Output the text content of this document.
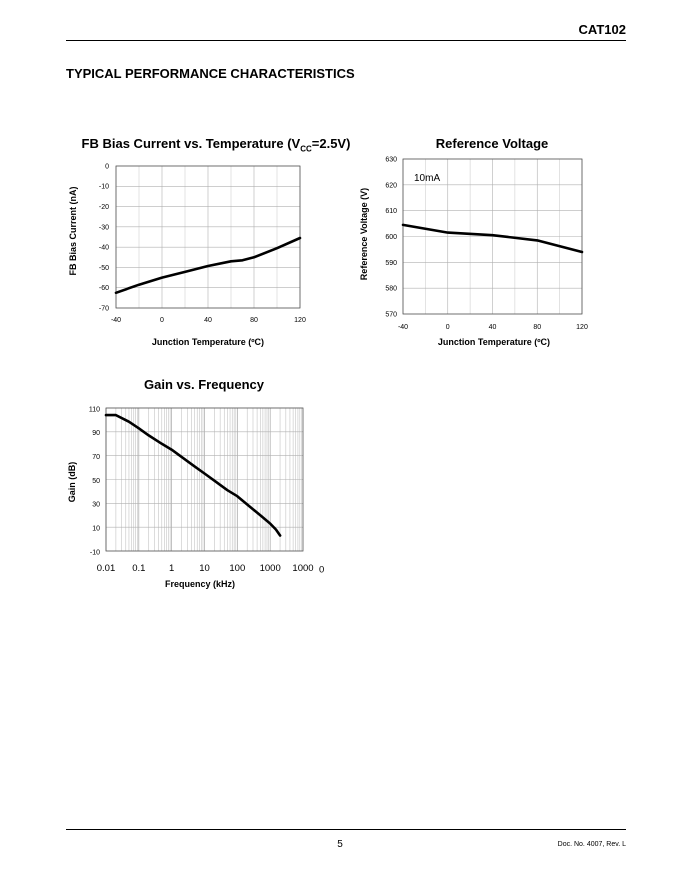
CAT102
TYPICAL PERFORMANCE CHARACTERISTICS
FB Bias Current vs. Temperature $(V_{CC}=2.5V)$
0
-10
-20
-30
-40
-50
-60
-70
-40	0	40	80	120
FB Bias Current (nA)
Junction Temperature (ºC)
Reference Voltage
630
620
610
600
590
580
570
-40	0	40	80	120
10mA
Reference Voltage (V)
Junction Temperature (ºC)
Gain vs. Frequency
110
90
70
50
30
10
-10
0.01 0.1 1	10 100 1000 1000 0
Gain (dB)
Frequency (kHz)
5	Doc. No. 4007, Rev. L
